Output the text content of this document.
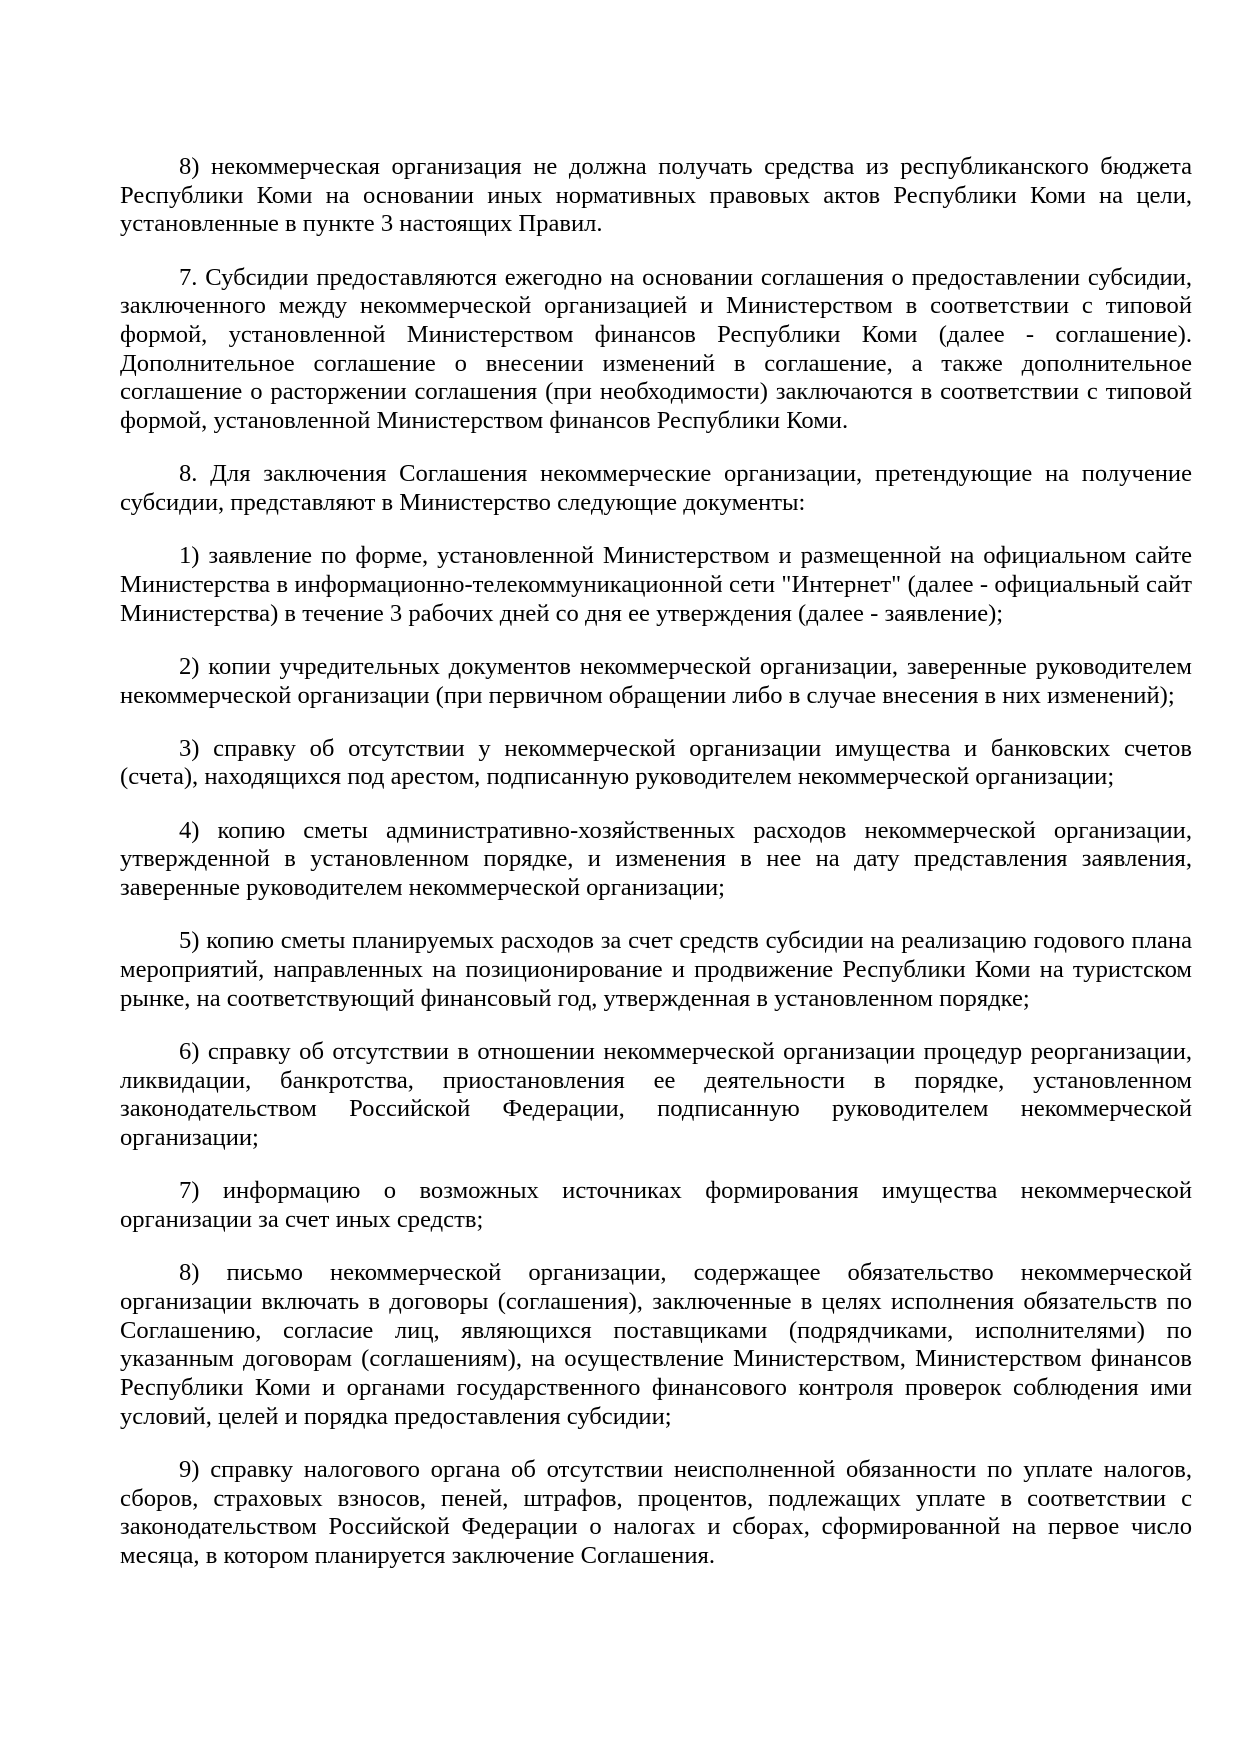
8) некоммерческая организация не должна получать средства из республиканского бюджета Республики Коми на основании иных нормативных правовых актов Республики Коми на цели, установленные в пункте 3 настоящих Правил.

7. Субсидии предоставляются ежегодно на основании соглашения о предоставлении субсидии, заключенного между некоммерческой организацией и Министерством в соответствии с типовой формой, установленной Министерством финансов Республики Коми (далее - соглашение). Дополнительное соглашение о внесении изменений в соглашение, а также дополнительное соглашение о расторжении соглашения (при необходимости) заключаются в соответствии с типовой формой, установленной Министерством финансов Республики Коми.

8. Для заключения Соглашения некоммерческие организации, претендующие на получение субсидии, представляют в Министерство следующие документы:

1) заявление по форме, установленной Министерством и размещенной на официальном сайте Министерства в информационно-телекоммуникационной сети "Интернет" (далее - официальный сайт Министерства) в течение 3 рабочих дней со дня ее утверждения (далее - заявление);

2) копии учредительных документов некоммерческой организации, заверенные руководителем некоммерческой организации (при первичном обращении либо в случае внесения в них изменений);

3) справку об отсутствии у некоммерческой организации имущества и банковских счетов (счета), находящихся под арестом, подписанную руководителем некоммерческой организации;

4) копию сметы административно-хозяйственных расходов некоммерческой организации, утвержденной в установленном порядке, и изменения в нее на дату представления заявления, заверенные руководителем некоммерческой организации;

5) копию сметы планируемых расходов за счет средств субсидии на реализацию годового плана мероприятий, направленных на позиционирование и продвижение Республики Коми на туристском рынке, на соответствующий финансовый год, утвержденная в установленном порядке;

6) справку об отсутствии в отношении некоммерческой организации процедур реорганизации, ликвидации, банкротства, приостановления ее деятельности в порядке, установленном законодательством Российской Федерации, подписанную руководителем некоммерческой организации;

7) информацию о возможных источниках формирования имущества некоммерческой организации за счет иных средств;

8) письмо некоммерческой организации, содержащее обязательство некоммерческой организации включать в договоры (соглашения), заключенные в целях исполнения обязательств по Соглашению, согласие лиц, являющихся поставщиками (подрядчиками, исполнителями) по указанным договорам (соглашениям), на осуществление Министерством, Министерством финансов Республики Коми и органами государственного финансового контроля проверок соблюдения ими условий, целей и порядка предоставления субсидии;

9) справку налогового органа об отсутствии неисполненной обязанности по уплате налогов, сборов, страховых взносов, пеней, штрафов, процентов, подлежащих уплате в соответствии с законодательством Российской Федерации о налогах и сборах, сформированной на первое число месяца, в котором планируется заключение Соглашения.
